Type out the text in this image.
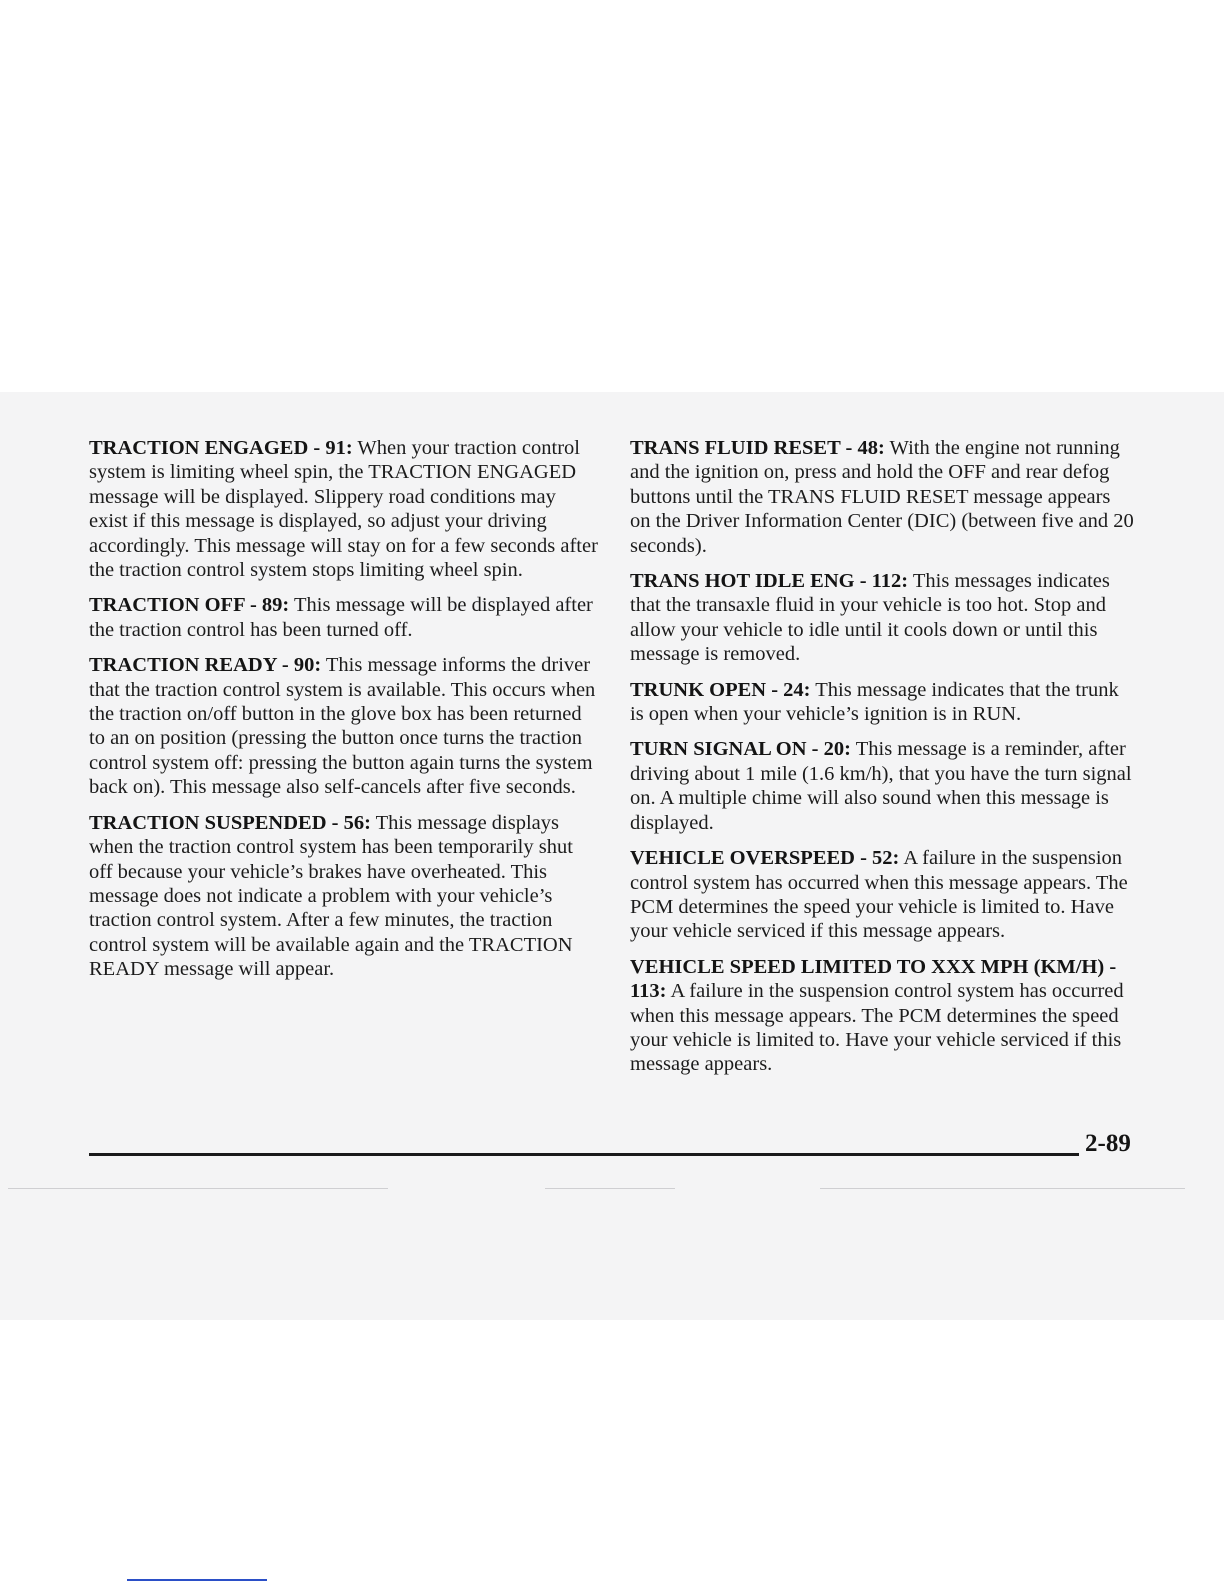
TRACTION ENGAGED - 91: When your traction control system is limiting wheel spin, the TRACTION ENGAGED message will be displayed. Slippery road conditions may exist if this message is displayed, so adjust your driving accordingly. This message will stay on for a few seconds after the traction control system stops limiting wheel spin.

TRACTION OFF - 89: This message will be displayed after the traction control has been turned off.

TRACTION READY - 90: This message informs the driver that the traction control system is available. This occurs when the traction on/off button in the glove box has been returned to an on position (pressing the button once turns the traction control system off: pressing the button again turns the system back on). This message also self-cancels after five seconds.

TRACTION SUSPENDED - 56: This message displays when the traction control system has been temporarily shut off because your vehicle’s brakes have overheated. This message does not indicate a problem with your vehicle’s traction control system. After a few minutes, the traction control system will be available again and the TRACTION READY message will appear.

TRANS FLUID RESET - 48: With the engine not running and the ignition on, press and hold the OFF and rear defog buttons until the TRANS FLUID RESET message appears on the Driver Information Center (DIC) (between five and 20 seconds).

TRANS HOT IDLE ENG - 112: This messages indicates that the transaxle fluid in your vehicle is too hot. Stop and allow your vehicle to idle until it cools down or until this message is removed.

TRUNK OPEN - 24: This message indicates that the trunk is open when your vehicle’s ignition is in RUN.

TURN SIGNAL ON - 20: This message is a reminder, after driving about 1 mile (1.6 km/h), that you have the turn signal on. A multiple chime will also sound when this message is displayed.

VEHICLE OVERSPEED - 52: A failure in the suspension control system has occurred when this message appears. The PCM determines the speed your vehicle is limited to. Have your vehicle serviced if this message appears.

VEHICLE SPEED LIMITED TO XXX MPH (KM/H) - 113: A failure in the suspension control system has occurred when this message appears. The PCM determines the speed your vehicle is limited to. Have your vehicle serviced if this message appears.

2-89
